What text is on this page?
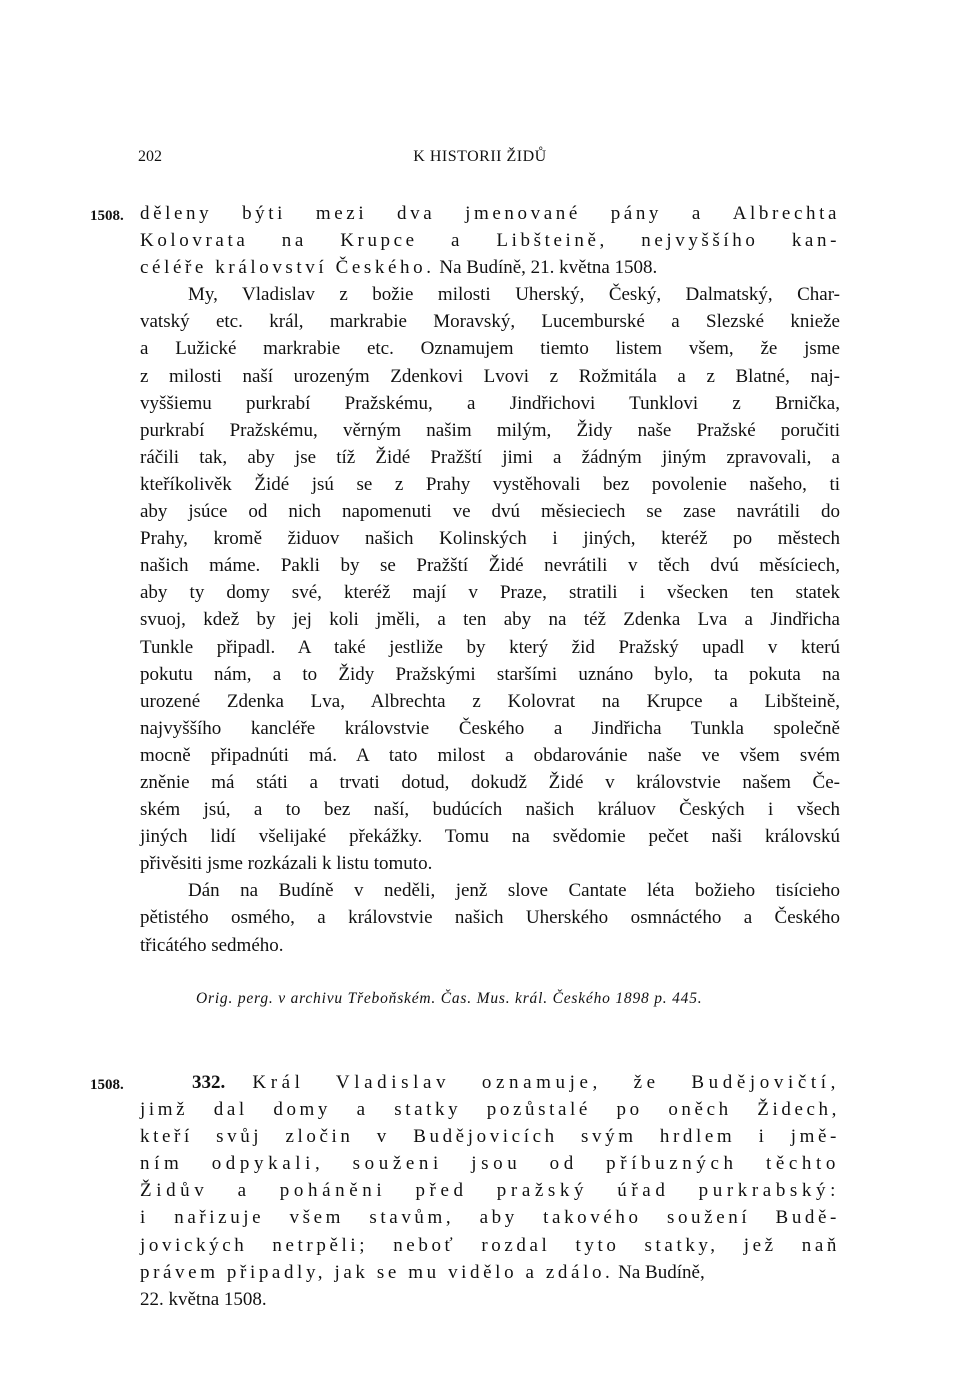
202	K HISTORII ŽIDŮ
1508. děleny býti mezi dva jmenované pány a Albrechta
Kolovrata na Krupce a Libšteině, nejvyššího kan-
céléře království Českého. Na Budíně, 21. května 1508.
My, Vladislav z božie milosti Uherský, Český, Dalmatský, Char-
vatský etc. král, markrabie Moravský, Lucemburské a Slezské knieže
a Lužické markrabie etc. Oznamujem tiemto listem všem, že jsme
z milosti naší urozeným Zdenkovi Lvovi z Rožmitála a z Blatné, naj-
vyššiemu purkrabí Pražskému, a Jindřichovi Tunklovi z Brnička,
purkrabí Pražskému, věrným našim milým, Židy naše Pražské poručiti
ráčili tak, aby jse tíž Židé Pražští jimi a žádným jiným zpravovali, a
kteříkolivěk Židé jsú se z Prahy vystěhovali bez povolenie našeho, ti
aby jsúce od nich napomenuti ve dvú měsieciech se zase navrátili do
Prahy, kromě židuov našich Kolinských i jiných, kteréž po městech
našich máme. Pakli by se Pražští Židé nevrátili v těch dvú měsíciech,
aby ty domy své, kteréž mají v Praze, stratili i všecken ten statek
svuoj, kdež by jej koli jměli, a ten aby na též Zdenka Lva a Jindřicha
Tunkle připadl. A také jestliže by který žid Pražský upadl v kterú
pokutu nám, a to Židy Pražskými staršími uznáno bylo, ta pokuta na
urozené Zdenka Lva, Albrechta z Kolovrat na Krupce a Libšteině,
najvyššího kancléře královstvie Českého a Jindřicha Tunkla společně
mocně připadnúti má. A tato milost a obdarovánie naše ve všem svém
zněnie má státi a trvati dotud, dokudž Židé v královstvie našem Če-
ském jsú, a to bez naší, budúcích našich králuov Českých i všech
jiných lidí všelijaké překážky. Tomu na svědomie pečet naši královskú
přivěsiti jsme rozkázali k listu tomuto.
Dán na Budíně v neděli, jenž slove Cantate léta božieho tisícieho
pětistého osmého, a královstvie našich Uherského osmnáctého a Českého
třicátého sedmého.
Orig. perg. v archivu Třeboňském. Čas. Mus. král. Českého 1898 p. 445.
1508.	332. Král Vladislav oznamuje, že Budějovičtí,
jimž dal domy a statky pozůstalé po oněch Židech,
kteří svůj zločin v Budějovicích svým hrdlem i jmě-
ním odpykali, souženi jsou od příbuzných těchto
Židův a poháněni před pražský úřad purkrabský:
i nařizuje všem stavům, aby takového soužení Budě-
jovických netrpěli; neboť rozdal tyto statky, jež naň
právem připadly, jak se mu vidělo a zdálo. Na Budíně,
22. května 1508.
